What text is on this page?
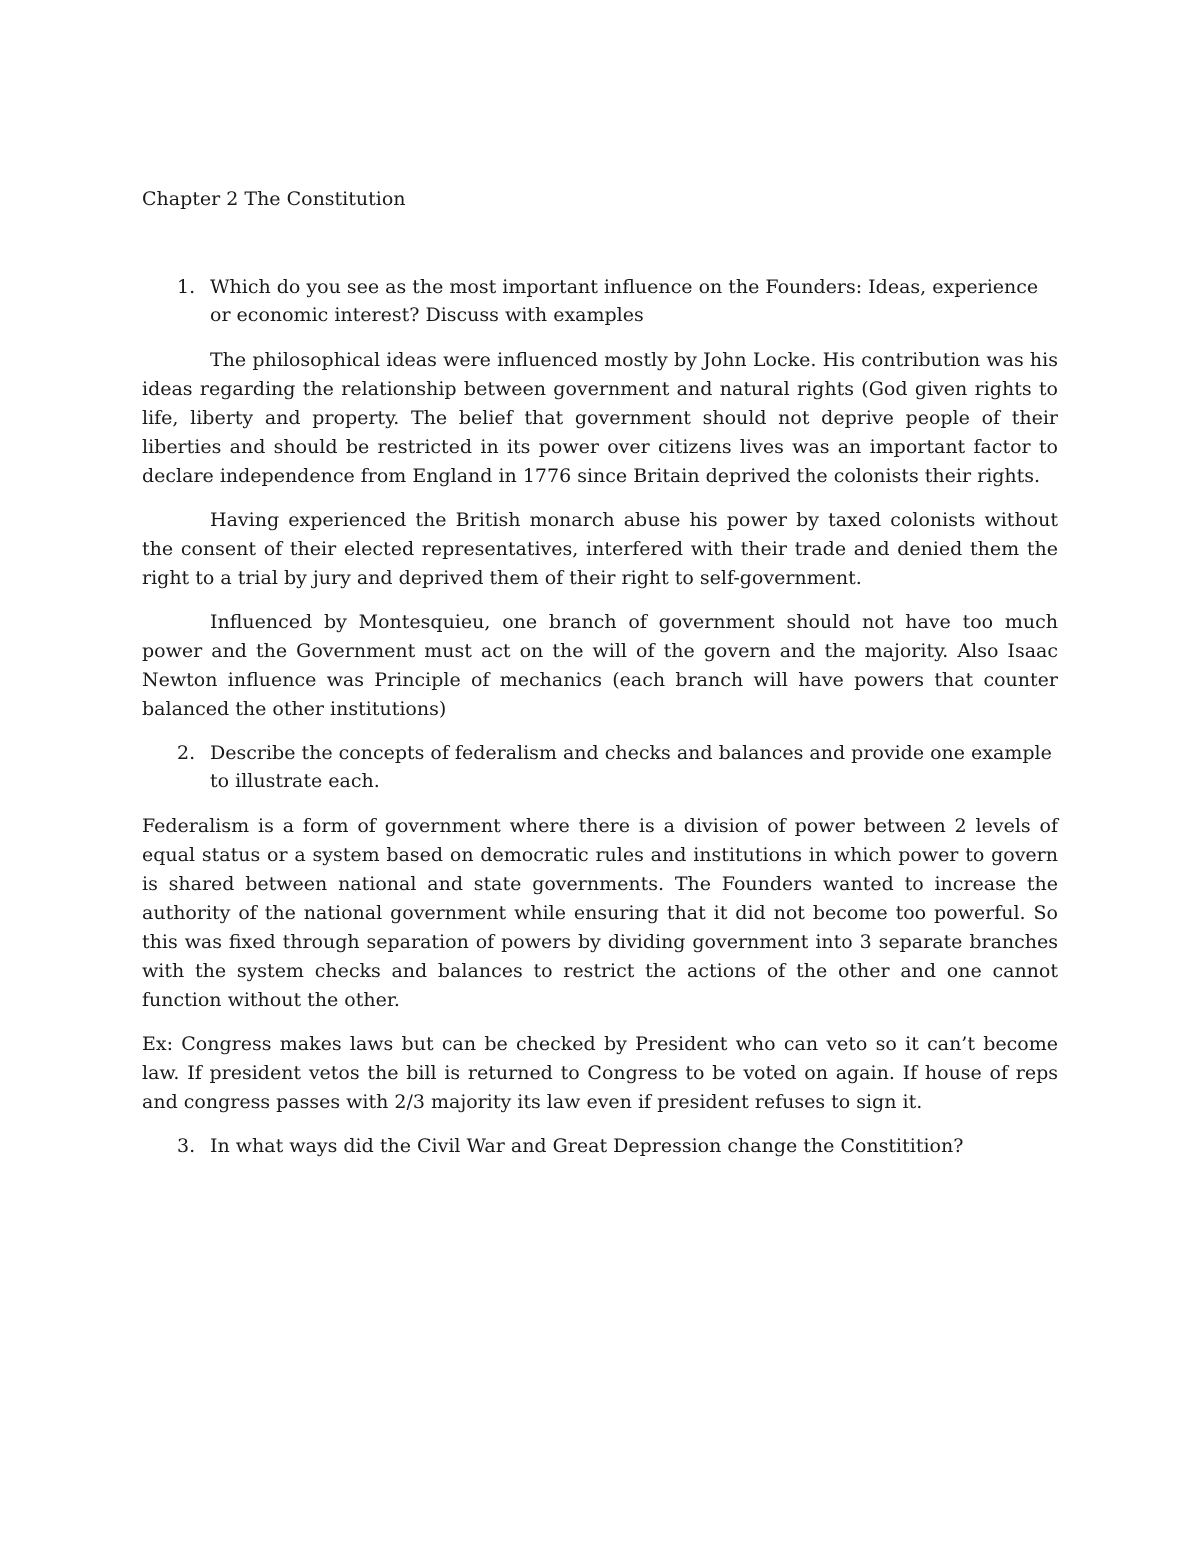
Chapter 2 The Constitution
1. Which do you see as the most important influence on the Founders: Ideas, experience or economic interest? Discuss with examples

The philosophical ideas were influenced mostly by John Locke. His contribution was his ideas regarding the relationship between government and natural rights (God given rights to life, liberty and property. The belief that government should not deprive people of their liberties and should be restricted in its power over citizens lives was an important factor to declare independence from England in 1776 since Britain deprived the colonists their rights.

Having experienced the British monarch abuse his power by taxed colonists without the consent of their elected representatives, interfered with their trade and denied them the right to a trial by jury and deprived them of their right to self-government.

Influenced by Montesquieu, one branch of government should not have too much power and the Government must act on the will of the govern and the majority. Also Isaac Newton influence was Principle of mechanics (each branch will have powers that counter balanced the other institutions)

2. Describe the concepts of federalism and checks and balances and provide one example to illustrate each.

Federalism is a form of government where there is a division of power between 2 levels of equal status or a system based on democratic rules and institutions in which power to govern is shared between national and state governments. The Founders wanted to increase the authority of the national government while ensuring that it did not become too powerful. So this was fixed through separation of powers by dividing government into 3 separate branches with the system checks and balances to restrict the actions of the other and one cannot function without the other.

Ex: Congress makes laws but can be checked by President who can veto so it can’t become law. If president vetos the bill is returned to Congress to be voted on again. If house of reps and congress passes with 2/3 majority its law even if president refuses to sign it.

3. In what ways did the Civil War and Great Depression change the Constitition?
